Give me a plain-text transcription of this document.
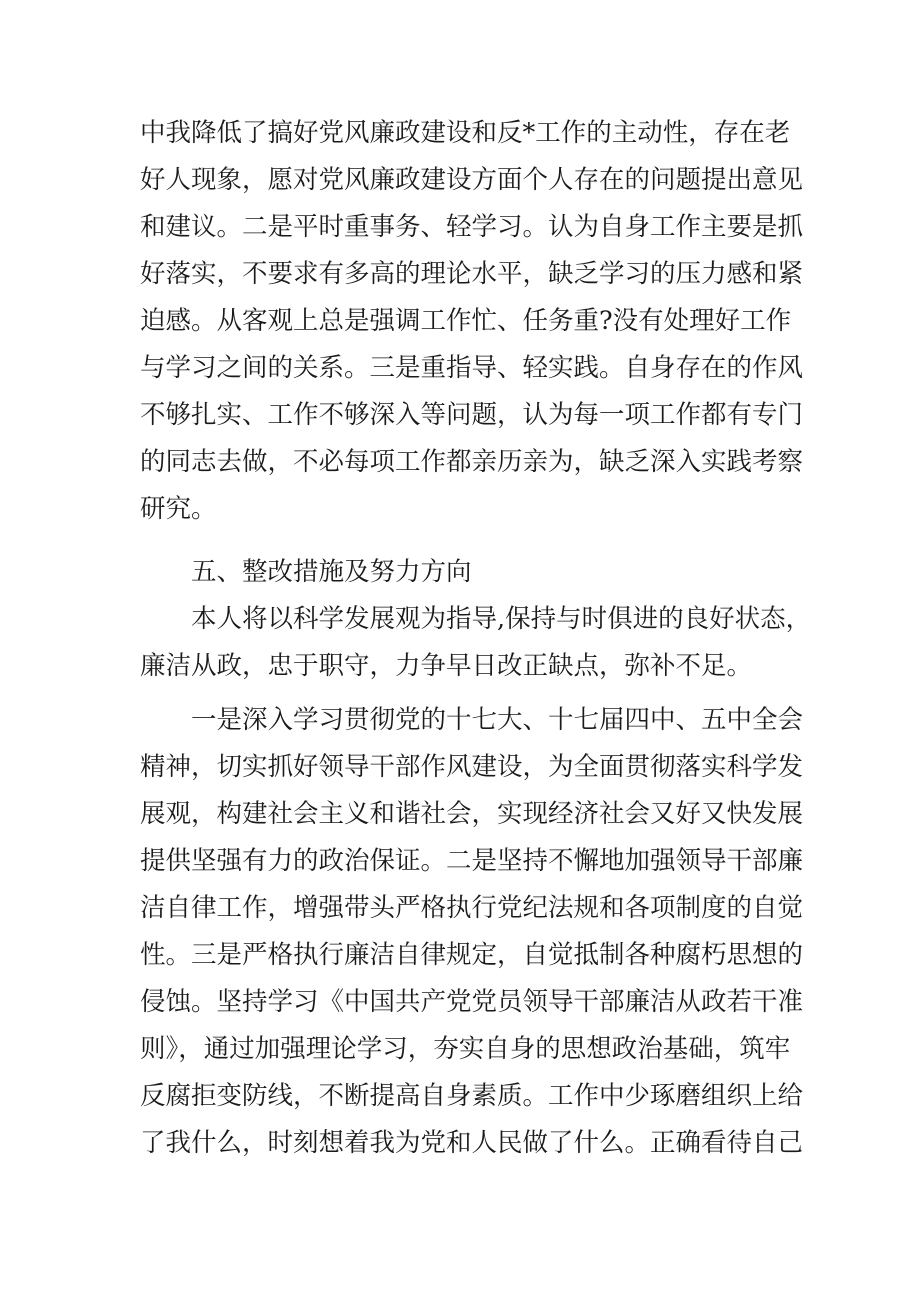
中我降低了搞好党风廉政建设和反*工作的主动性，存在老
好人现象，愿对党风廉政建设方面个人存在的问题提出意见
和建议。二是平时重事务、轻学习。认为自身工作主要是抓
好落实，不要求有多高的理论水平，缺乏学习的压力感和紧
迫感。从客观上总是强调工作忙、任务重?没有处理好工作
与学习之间的关系。三是重指导、轻实践。自身存在的作风
不够扎实、工作不够深入等问题，认为每一项工作都有专门
的同志去做，不必每项工作都亲历亲为，缺乏深入实践考察
研究。
五、整改措施及努力方向
本人将以科学发展观为指导,保持与时俱进的良好状态，
廉洁从政，忠于职守，力争早日改正缺点，弥补不足。
一是深入学习贯彻党的十七大、十七届四中、五中全会
精神，切实抓好领导干部作风建设，为全面贯彻落实科学发
展观，构建社会主义和谐社会，实现经济社会又好又快发展
提供坚强有力的政治保证。二是坚持不懈地加强领导干部廉
洁自律工作，增强带头严格执行党纪法规和各项制度的自觉
性。三是严格执行廉洁自律规定，自觉抵制各种腐朽思想的
侵蚀。坚持学习《中国共产党党员领导干部廉洁从政若干准
则》，通过加强理论学习，夯实自身的思想政治基础，筑牢
反腐拒变防线，不断提高自身素质。工作中少琢磨组织上给
了我什么，时刻想着我为党和人民做了什么。正确看待自己
